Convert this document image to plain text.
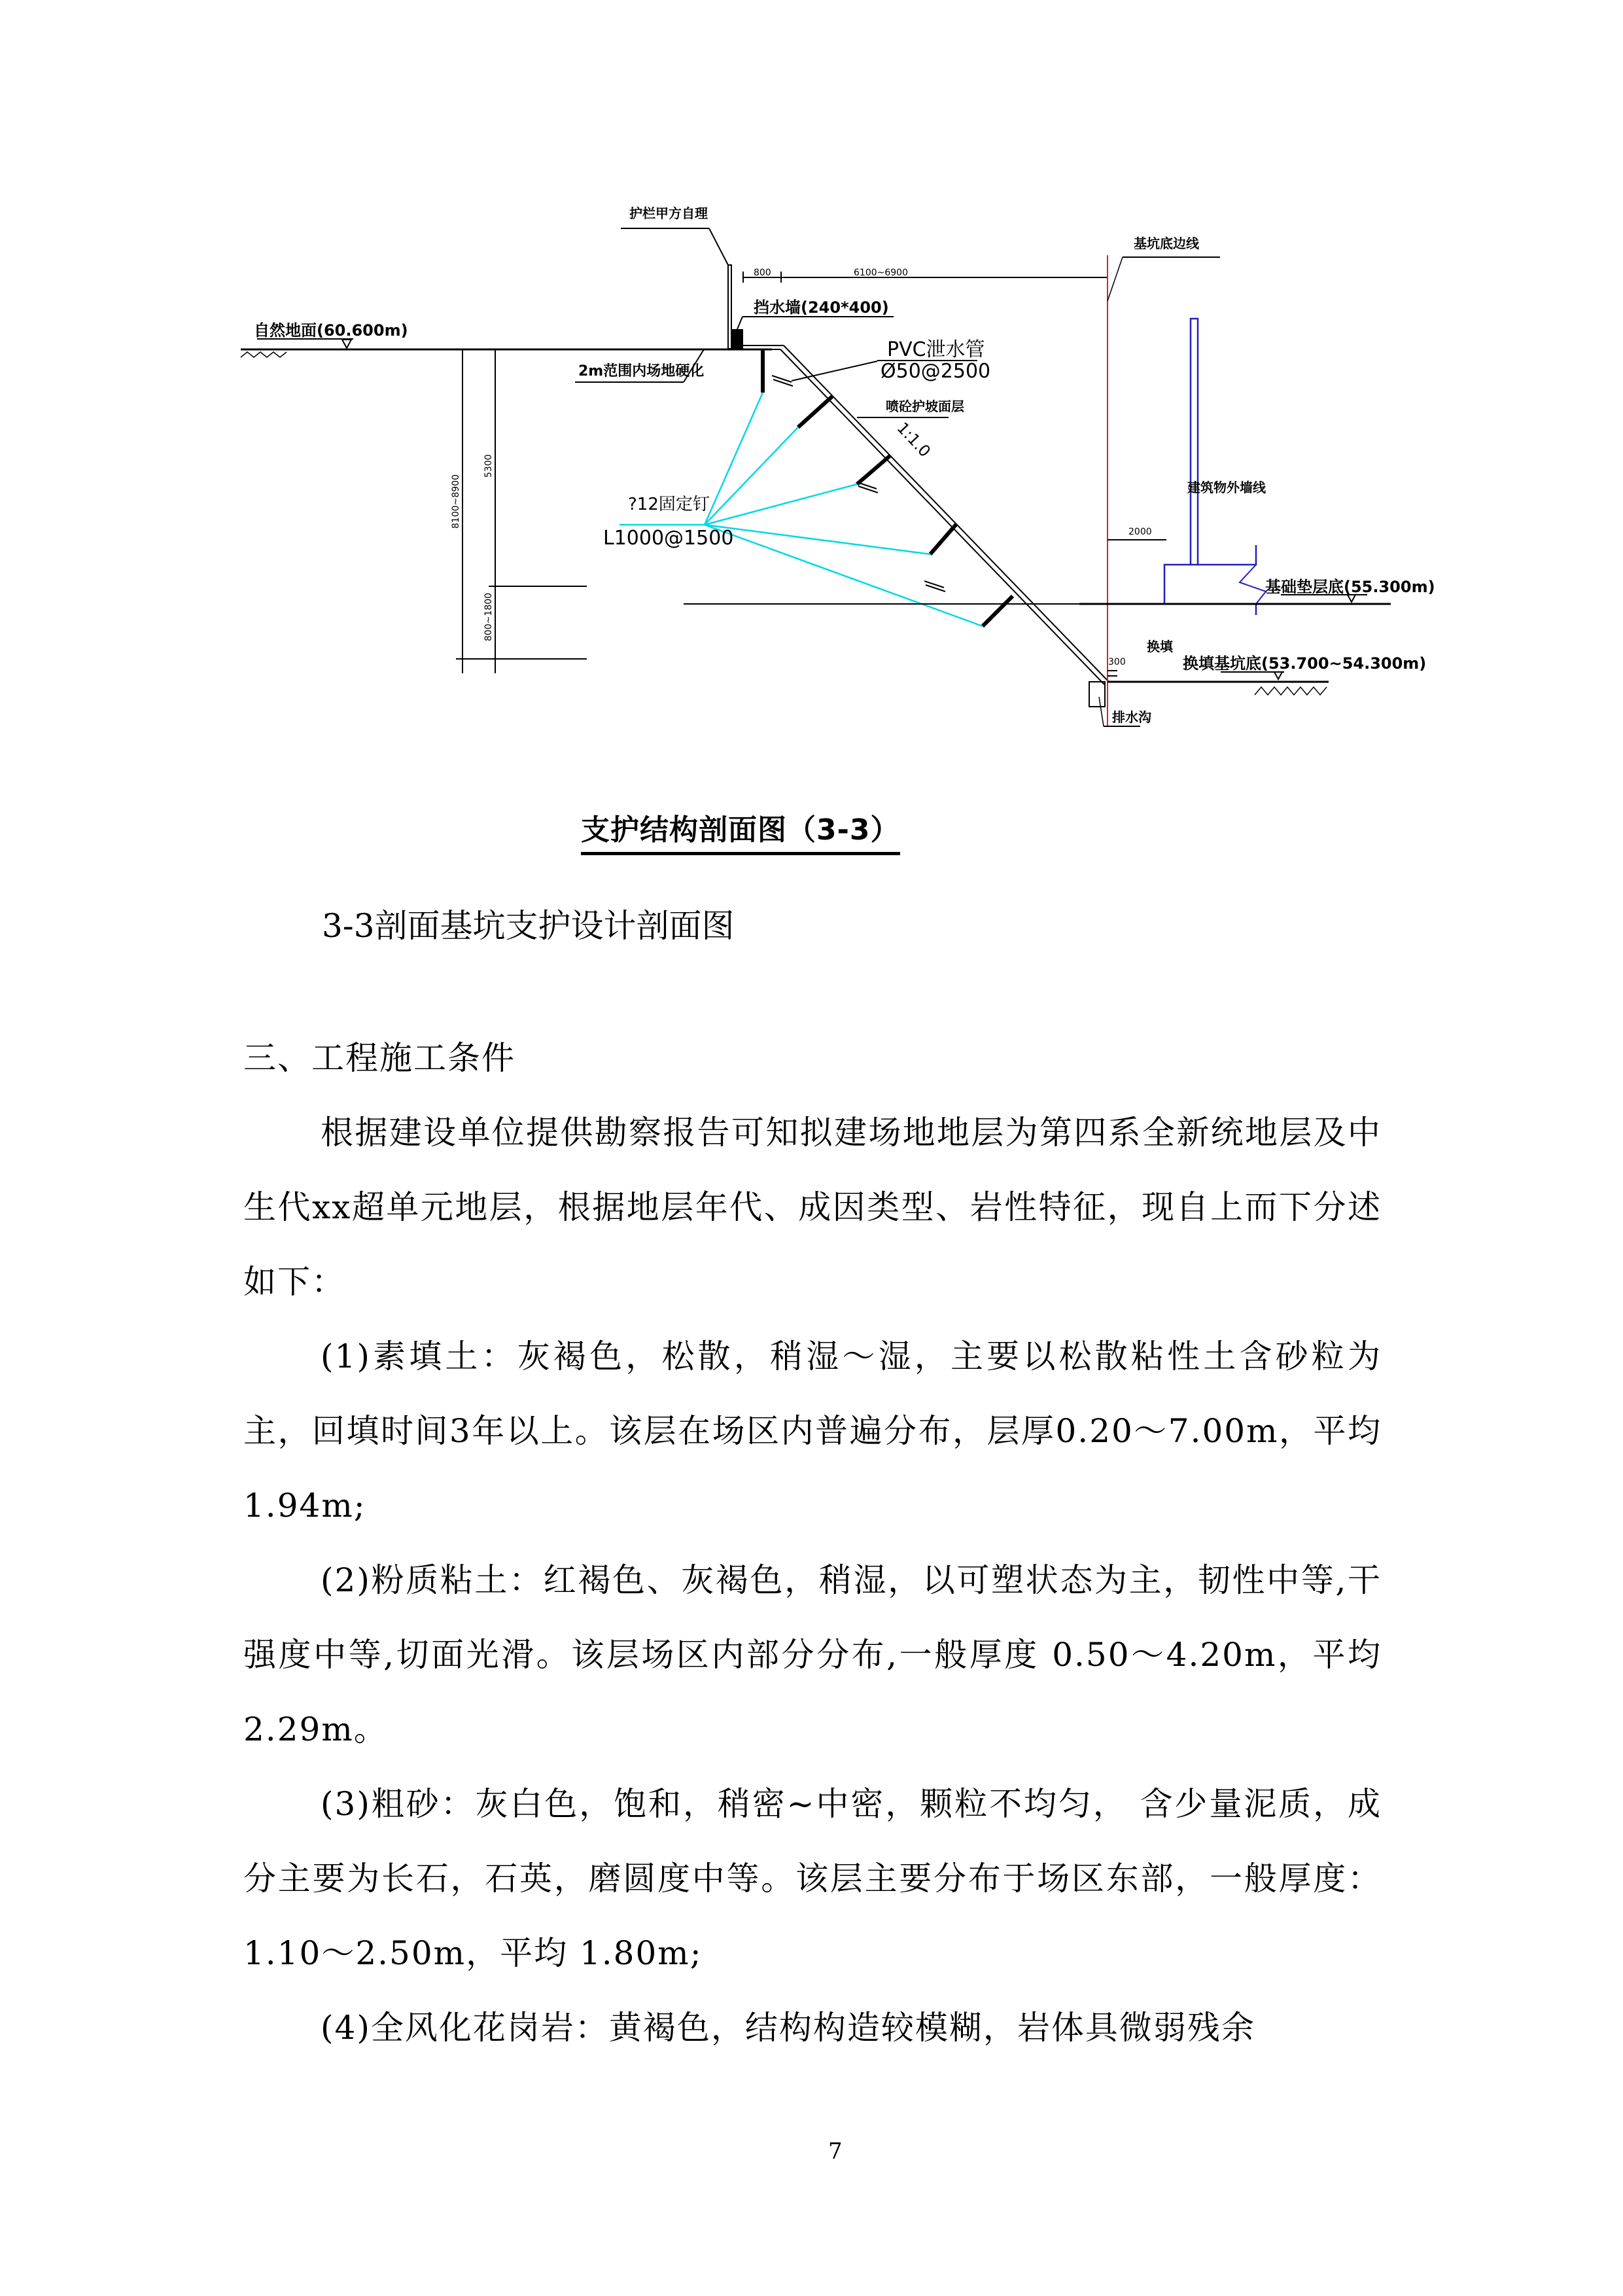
护栏甲方自理
800	6100~6900
基坑底边线
挡水墙(240*400)
自然地面(60.600m)
2m范围内场地硬化
PVC泄水管
Ø50@2500
喷砼护坡面层
1:1.0
?12固定钉
L1000@1500
8100~8900
5300
800~1800
建筑物外墙线
2000
基础垫层底(55.300m)
换填
换填基坑底(53.700~54.300m)
300
排水沟
支护结构剖面图（3-3）
3-3剖面基坑支护设计剖面图

三、工程施工条件

根据建设单位提供勘察报告可知拟建场地地层为第四系全新统地层及中生代xx超单元地层，根据地层年代、成因类型、岩性特征，现自上而下分述如下：

(1)素填土：灰褐色，松散，稍湿～湿，主要以松散粘性土含砂粒为主，回填时间3年以上。该层在场区内普遍分布，层厚0.20～7.00m，平均1.94m;

(2)粉质粘土：红褐色、灰褐色，稍湿，以可塑状态为主，韧性中等,干强度中等,切面光滑。该层场区内部分分布,一般厚度 0.50～4.20m，平均 2.29m。

(3)粗砂：灰白色，饱和，稍密~中密，颗粒不均匀， 含少量泥质，成分主要为长石，石英，磨圆度中等。该层主要分布于场区东部，一般厚度：1.10～2.50m，平均 1.80m;

(4)全风化花岗岩：黄褐色，结构构造较模糊，岩体具微弱残余

7
